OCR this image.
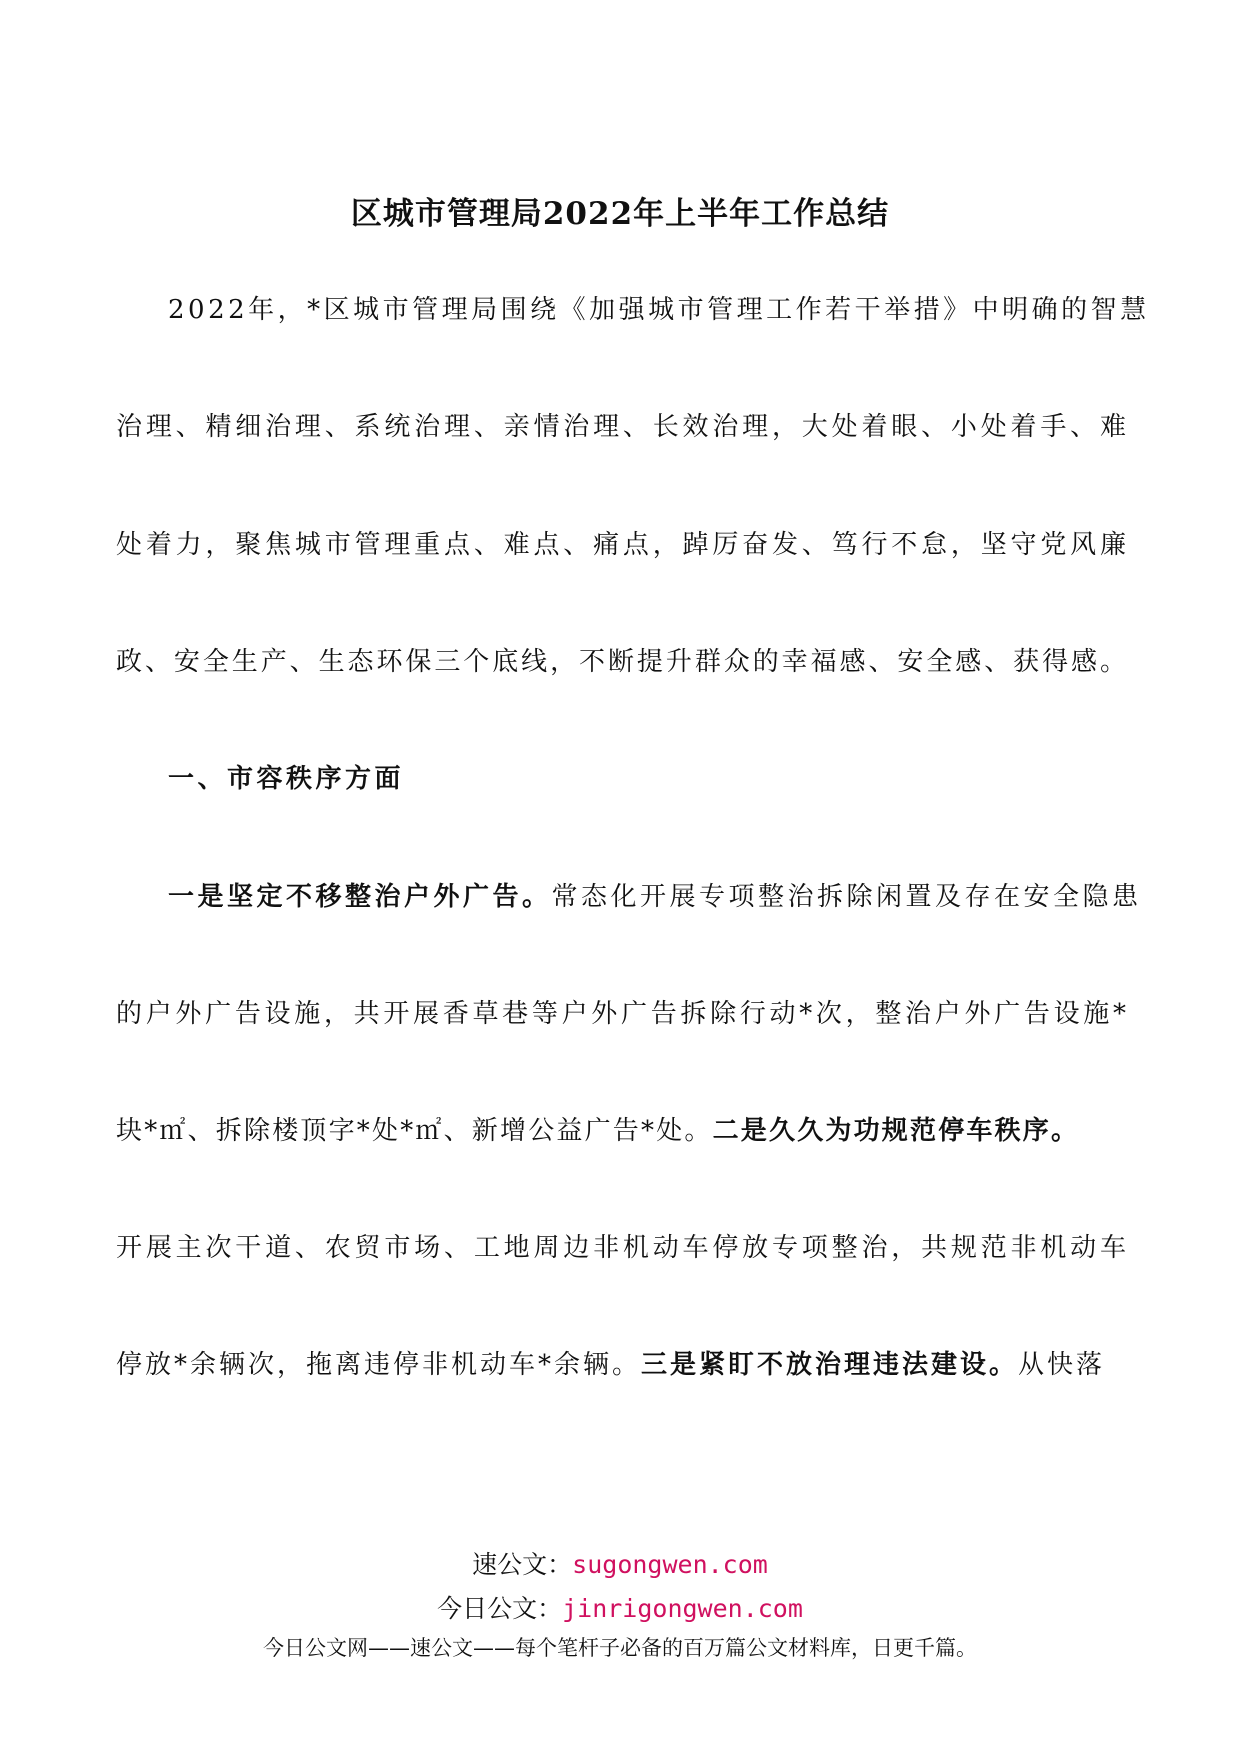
区城市管理局2022年上半年工作总结

2022年，*区城市管理局围绕《加强城市管理工作若干举措》中明确的智慧

治理、精细治理、系统治理、亲情治理、长效治理，大处着眼、小处着手、难

处着力，聚焦城市管理重点、难点、痛点，踔厉奋发、笃行不怠，坚守党风廉

政、安全生产、生态环保三个底线，不断提升群众的幸福感、安全感、获得感。

一、市容秩序方面

一是坚定不移整治户外广告。常态化开展专项整治拆除闲置及存在安全隐患

的户外广告设施，共开展香草巷等户外广告拆除行动*次，整治户外广告设施*

块*㎡、拆除楼顶字*处*㎡、新增公益广告*处。二是久久为功规范停车秩序。

开展主次干道、农贸市场、工地周边非机动车停放专项整治，共规范非机动车

停放*余辆次，拖离违停非机动车*余辆。三是紧盯不放治理违法建设。从快落

速公文：sugongwen.com

今日公文：jinrigongwen.com

今日公文网——速公文——每个笔杆子必备的百万篇公文材料库，日更千篇。
